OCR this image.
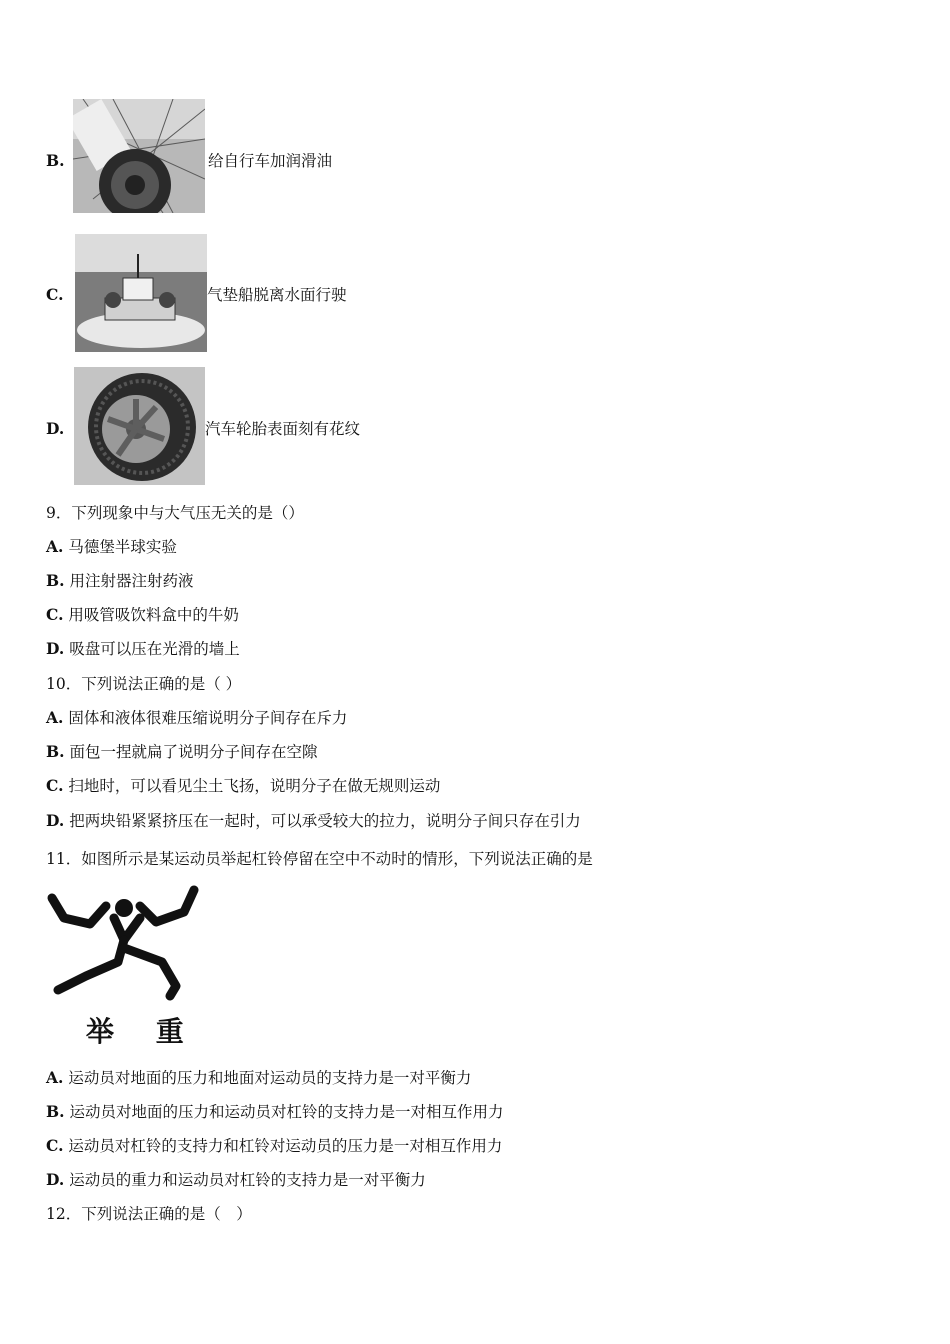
B.	给自行车加润滑油
C.	气垫船脱离水面行驶
D.	汽车轮胎表面刻有花纹
9．下列现象中与大气压无关的是（）
A. 马德堡半球实验
B. 用注射器注射药液
C. 用吸管吸饮料盒中的牛奶
D. 吸盘可以压在光滑的墙上
10．下列说法正确的是（ ）
A. 固体和液体很难压缩说明分子间存在斥力
B. 面包一捏就扁了说明分子间存在空隙
C. 扫地时，可以看见尘土飞扬，说明分子在做无规则运动
D. 把两块铅紧紧挤压在一起时，可以承受较大的拉力，说明分子间只存在引力
11．如图所示是某运动员举起杠铃停留在空中不动时的情形，下列说法正确的是
举 重
A. 运动员对地面的压力和地面对运动员的支持力是一对平衡力
B. 运动员对地面的压力和运动员对杠铃的支持力是一对相互作用力
C. 运动员对杠铃的支持力和杠铃对运动员的压力是一对相互作用力
D. 运动员的重力和运动员对杠铃的支持力是一对平衡力
12．下列说法正确的是（　）
